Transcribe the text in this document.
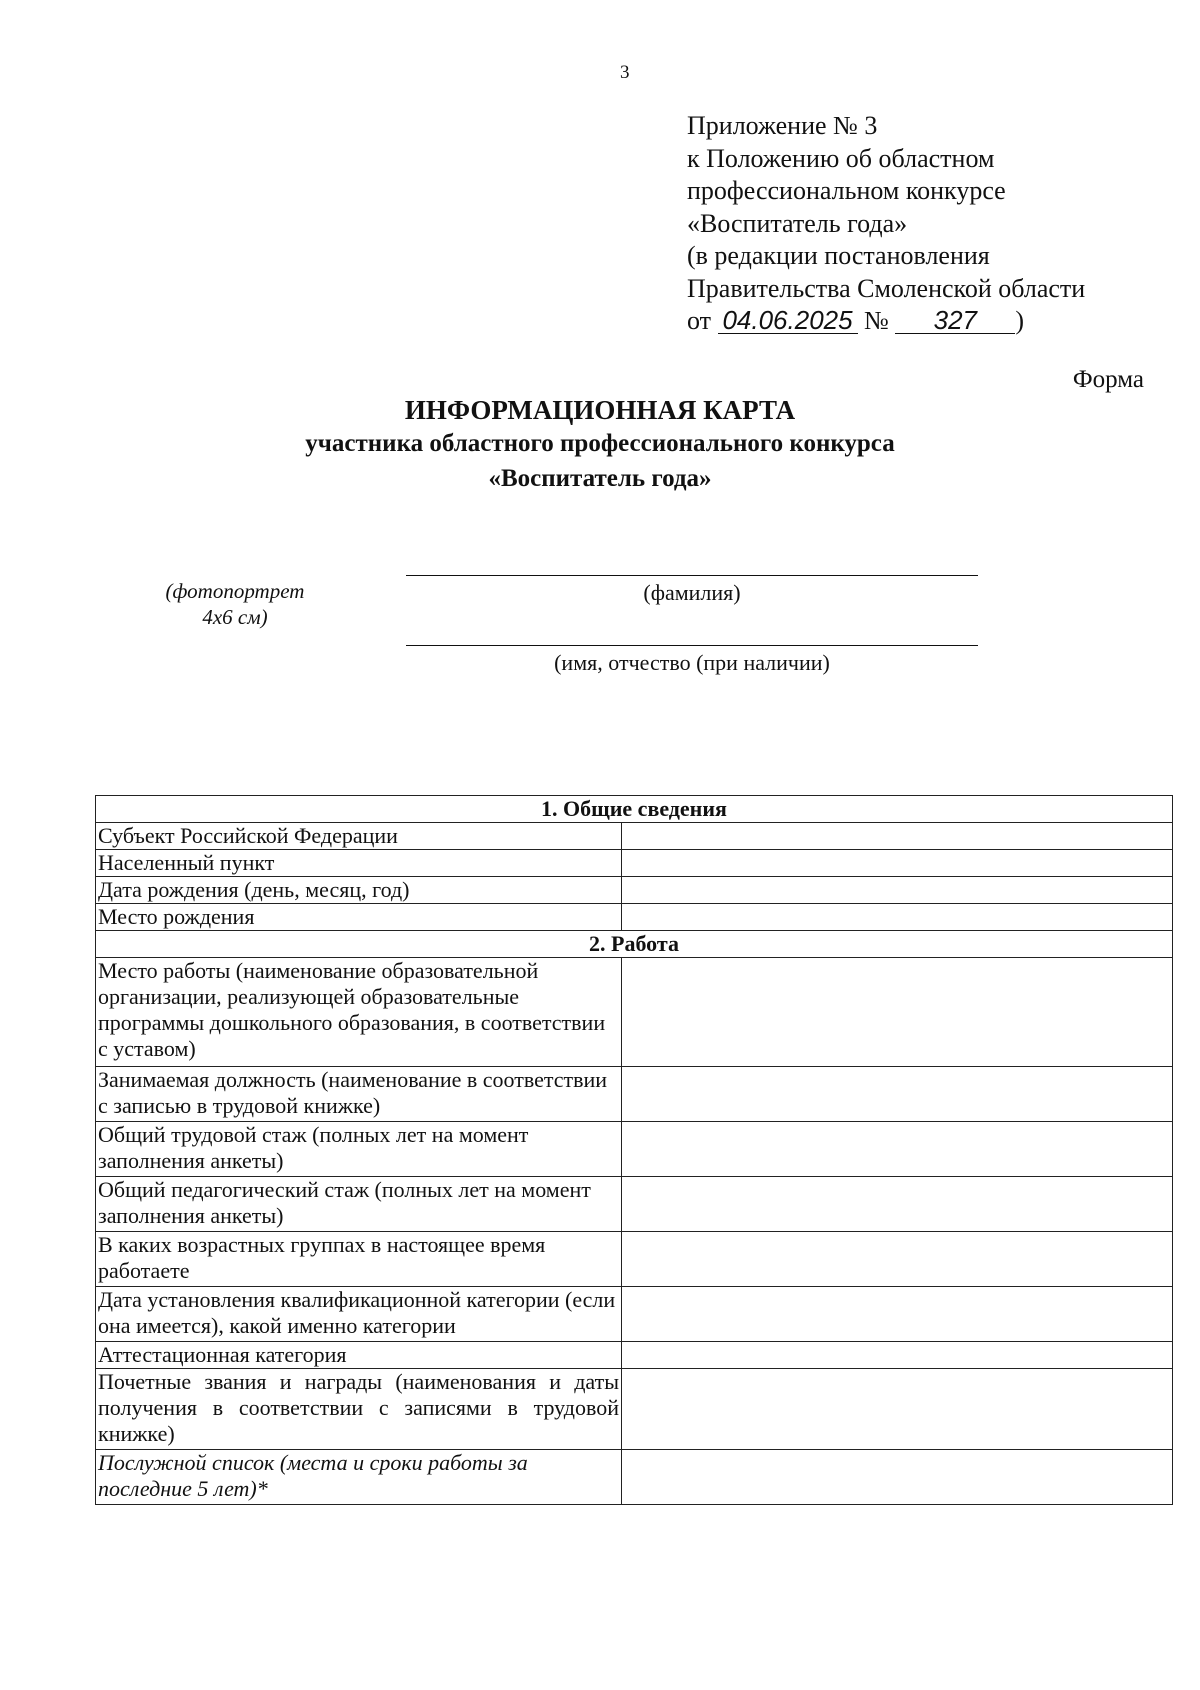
3
Приложение № 3
к Положению об областном
профессиональном конкурсе
«Воспитатель года»
(в редакции постановления
Правительства Смоленской области
от 04.06.2025 № 327 )
Форма
ИНФОРМАЦИОННАЯ КАРТА
участника областного профессионального конкурса
«Воспитатель года»
(фотопортрет
4х6 см)
(фамилия)
(имя, отчество (при наличии)
1. Общие сведения	
Субъект Российской Федерации	
Населенный пункт	
Дата рождения (день, месяц, год)	
Место рождения	
2. Работа	
Место работы (наименование образовательной организации, реализующей образовательные программы дошкольного образования, в соответствии с уставом)	
Занимаемая должность (наименование в соответствии с записью в трудовой книжке)	
Общий трудовой стаж (полных лет на момент заполнения анкеты)	
Общий педагогический стаж (полных лет на момент заполнения анкеты)	
В каких возрастных группах в настоящее время работаете	
Дата установления квалификационной категории (если она имеется), какой именно категории	
Аттестационная категория	
Почетные звания и награды (наименования и даты получения в соответствии с записями в трудовой книжке)	
Послужной список (места и сроки работы за последние 5 лет)*	
